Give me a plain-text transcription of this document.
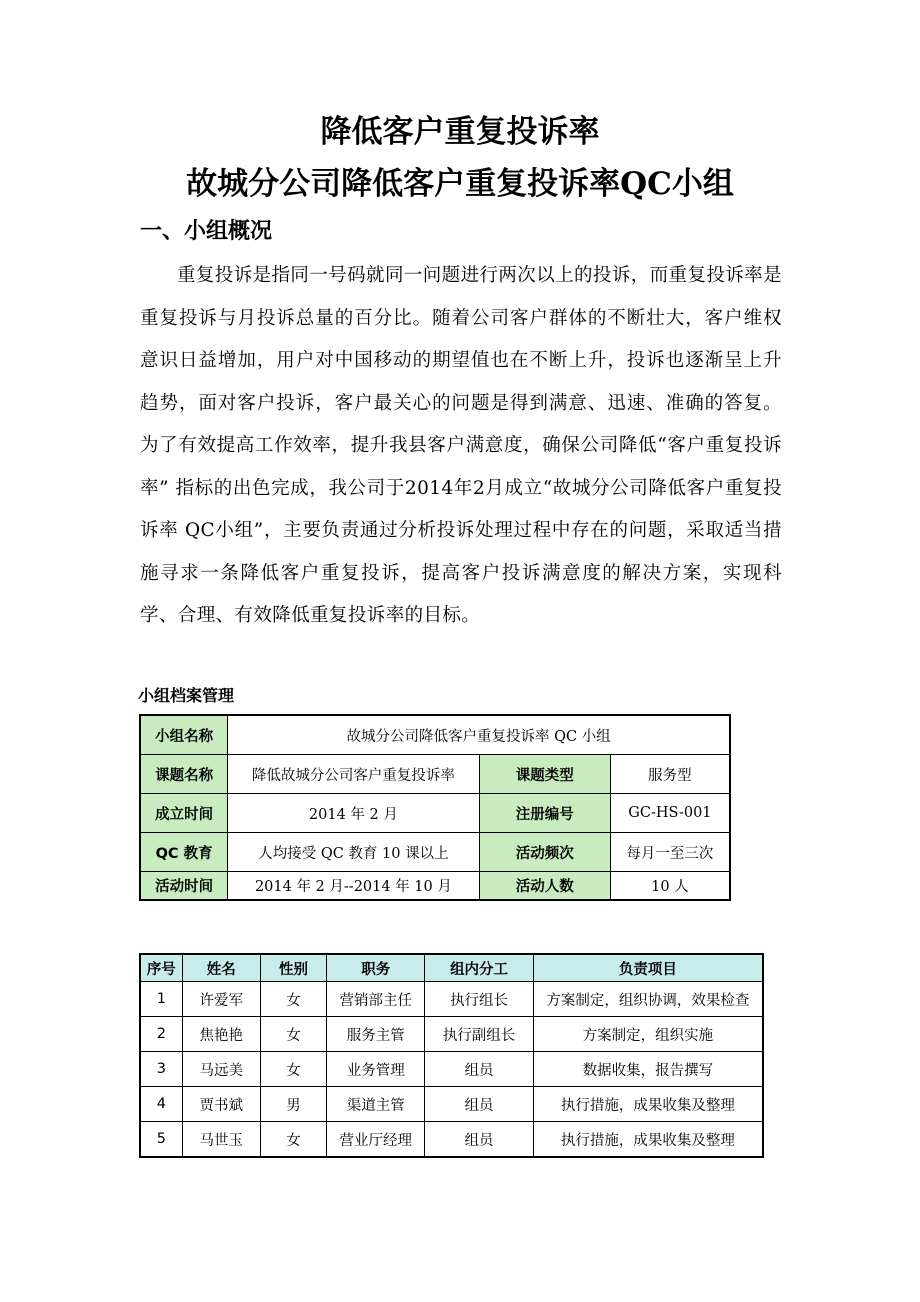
降低客户重复投诉率
故城分公司降低客户重复投诉率QC小组
一、小组概况

重复投诉是指同一号码就同一问题进行两次以上的投诉，而重复投诉率是重复投诉与月投诉总量的百分比。随着公司客户群体的不断壮大，客户维权意识日益增加，用户对中国移动的期望值也在不断上升，投诉也逐渐呈上升趋势，面对客户投诉，客户最关心的问题是得到满意、迅速、准确的答复。为了有效提高工作效率，提升我县客户满意度，确保公司降低“客户重复投诉率” 指标的出色完成，我公司于2014年2月成立“故城分公司降低客户重复投诉率 QC小组”，主要负责通过分析投诉处理过程中存在的问题，采取适当措施寻求一条降低客户重复投诉，提高客户投诉满意度的解决方案，实现科学、合理、有效降低重复投诉率的目标。

小组档案管理
小组名称	故城分公司降低客户重复投诉率 QC 小组		
课题名称	降低故城分公司客户重复投诉率	课题类型	服务型
成立时间	2014 年 2 月	注册编号	GC-HS-001
QC 教育	人均接受 QC 教育 10 课以上	活动频次	每月一至三次
活动时间	2014 年 2 月--2014 年 10 月	活动人数	10 人
序号	姓名	性别	职务	组内分工	负责项目
1	许爱军	女	营销部主任	执行组长	方案制定，组织协调，效果检查
2	焦艳艳	女	服务主管	执行副组长	方案制定，组织实施
3	马远美	女	业务管理	组员	数据收集，报告撰写
4	贾书斌	男	渠道主管	组员	执行措施，成果收集及整理
5	马世玉	女	营业厅经理	组员	执行措施，成果收集及整理
